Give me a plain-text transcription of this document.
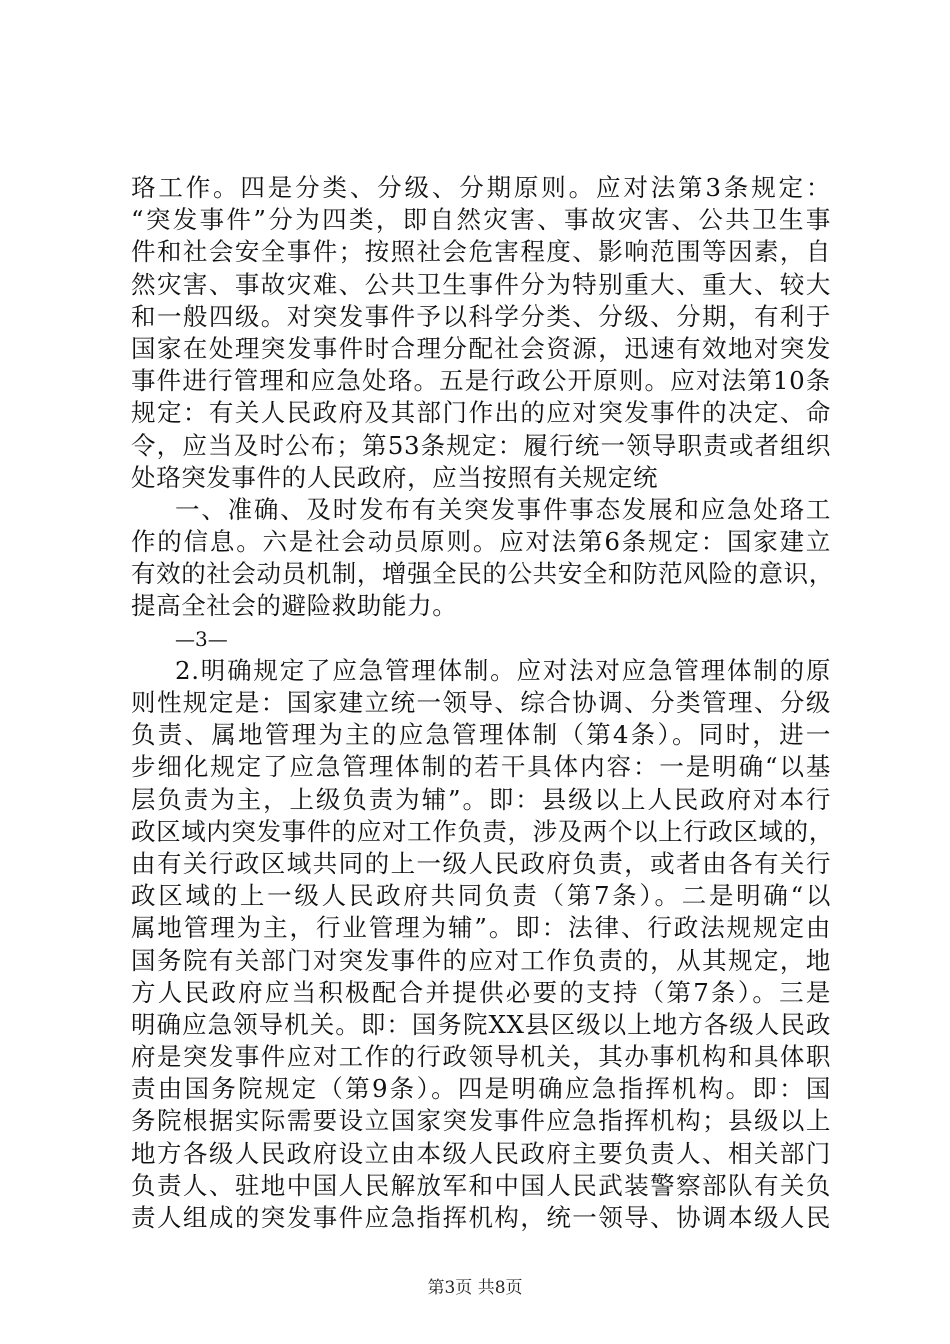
珞工作。四是分类、分级、分期原则。应对法第3条规定：
“突发事件”分为四类，即自然灾害、事故灾害、公共卫生事
件和社会安全事件；按照社会危害程度、影响范围等因素，自
然灾害、事故灾难、公共卫生事件分为特别重大、重大、较大
和一般四级。对突发事件予以科学分类、分级、分期，有利于
国家在处理突发事件时合理分配社会资源，迅速有效地对突发
事件进行管理和应急处珞。五是行政公开原则。应对法第10条
规定：有关人民政府及其部门作出的应对突发事件的决定、命
令，应当及时公布；第53条规定：履行统一领导职责或者组织
处珞突发事件的人民政府，应当按照有关规定统
一、准确、及时发布有关突发事件事态发展和应急处珞工
作的信息。六是社会动员原则。应对法第6条规定：国家建立
有效的社会动员机制，增强全民的公共安全和防范风险的意识，
提高全社会的避险救助能力。
—3—
2.明确规定了应急管理体制。应对法对应急管理体制的原
则性规定是：国家建立统一领导、综合协调、分类管理、分级
负责、属地管理为主的应急管理体制（第4条）。同时，进一
步细化规定了应急管理体制的若干具体内容：一是明确“以基
层负责为主，上级负责为辅”。即：县级以上人民政府对本行
政区域内突发事件的应对工作负责，涉及两个以上行政区域的，
由有关行政区域共同的上一级人民政府负责，或者由各有关行
政区域的上一级人民政府共同负责（第7条）。二是明确“以
属地管理为主，行业管理为辅”。即：法律、行政法规规定由
国务院有关部门对突发事件的应对工作负责的，从其规定，地
方人民政府应当积极配合并提供必要的支持（第7条）。三是
明确应急领导机关。即：国务院XX县区级以上地方各级人民政
府是突发事件应对工作的行政领导机关，其办事机构和具体职
责由国务院规定（第9条）。四是明确应急指挥机构。即：国
务院根据实际需要设立国家突发事件应急指挥机构；县级以上
地方各级人民政府设立由本级人民政府主要负责人、相关部门
负责人、驻地中国人民解放军和中国人民武装警察部队有关负
责人组成的突发事件应急指挥机构，统一领导、协调本级人民
第3页 共8页
